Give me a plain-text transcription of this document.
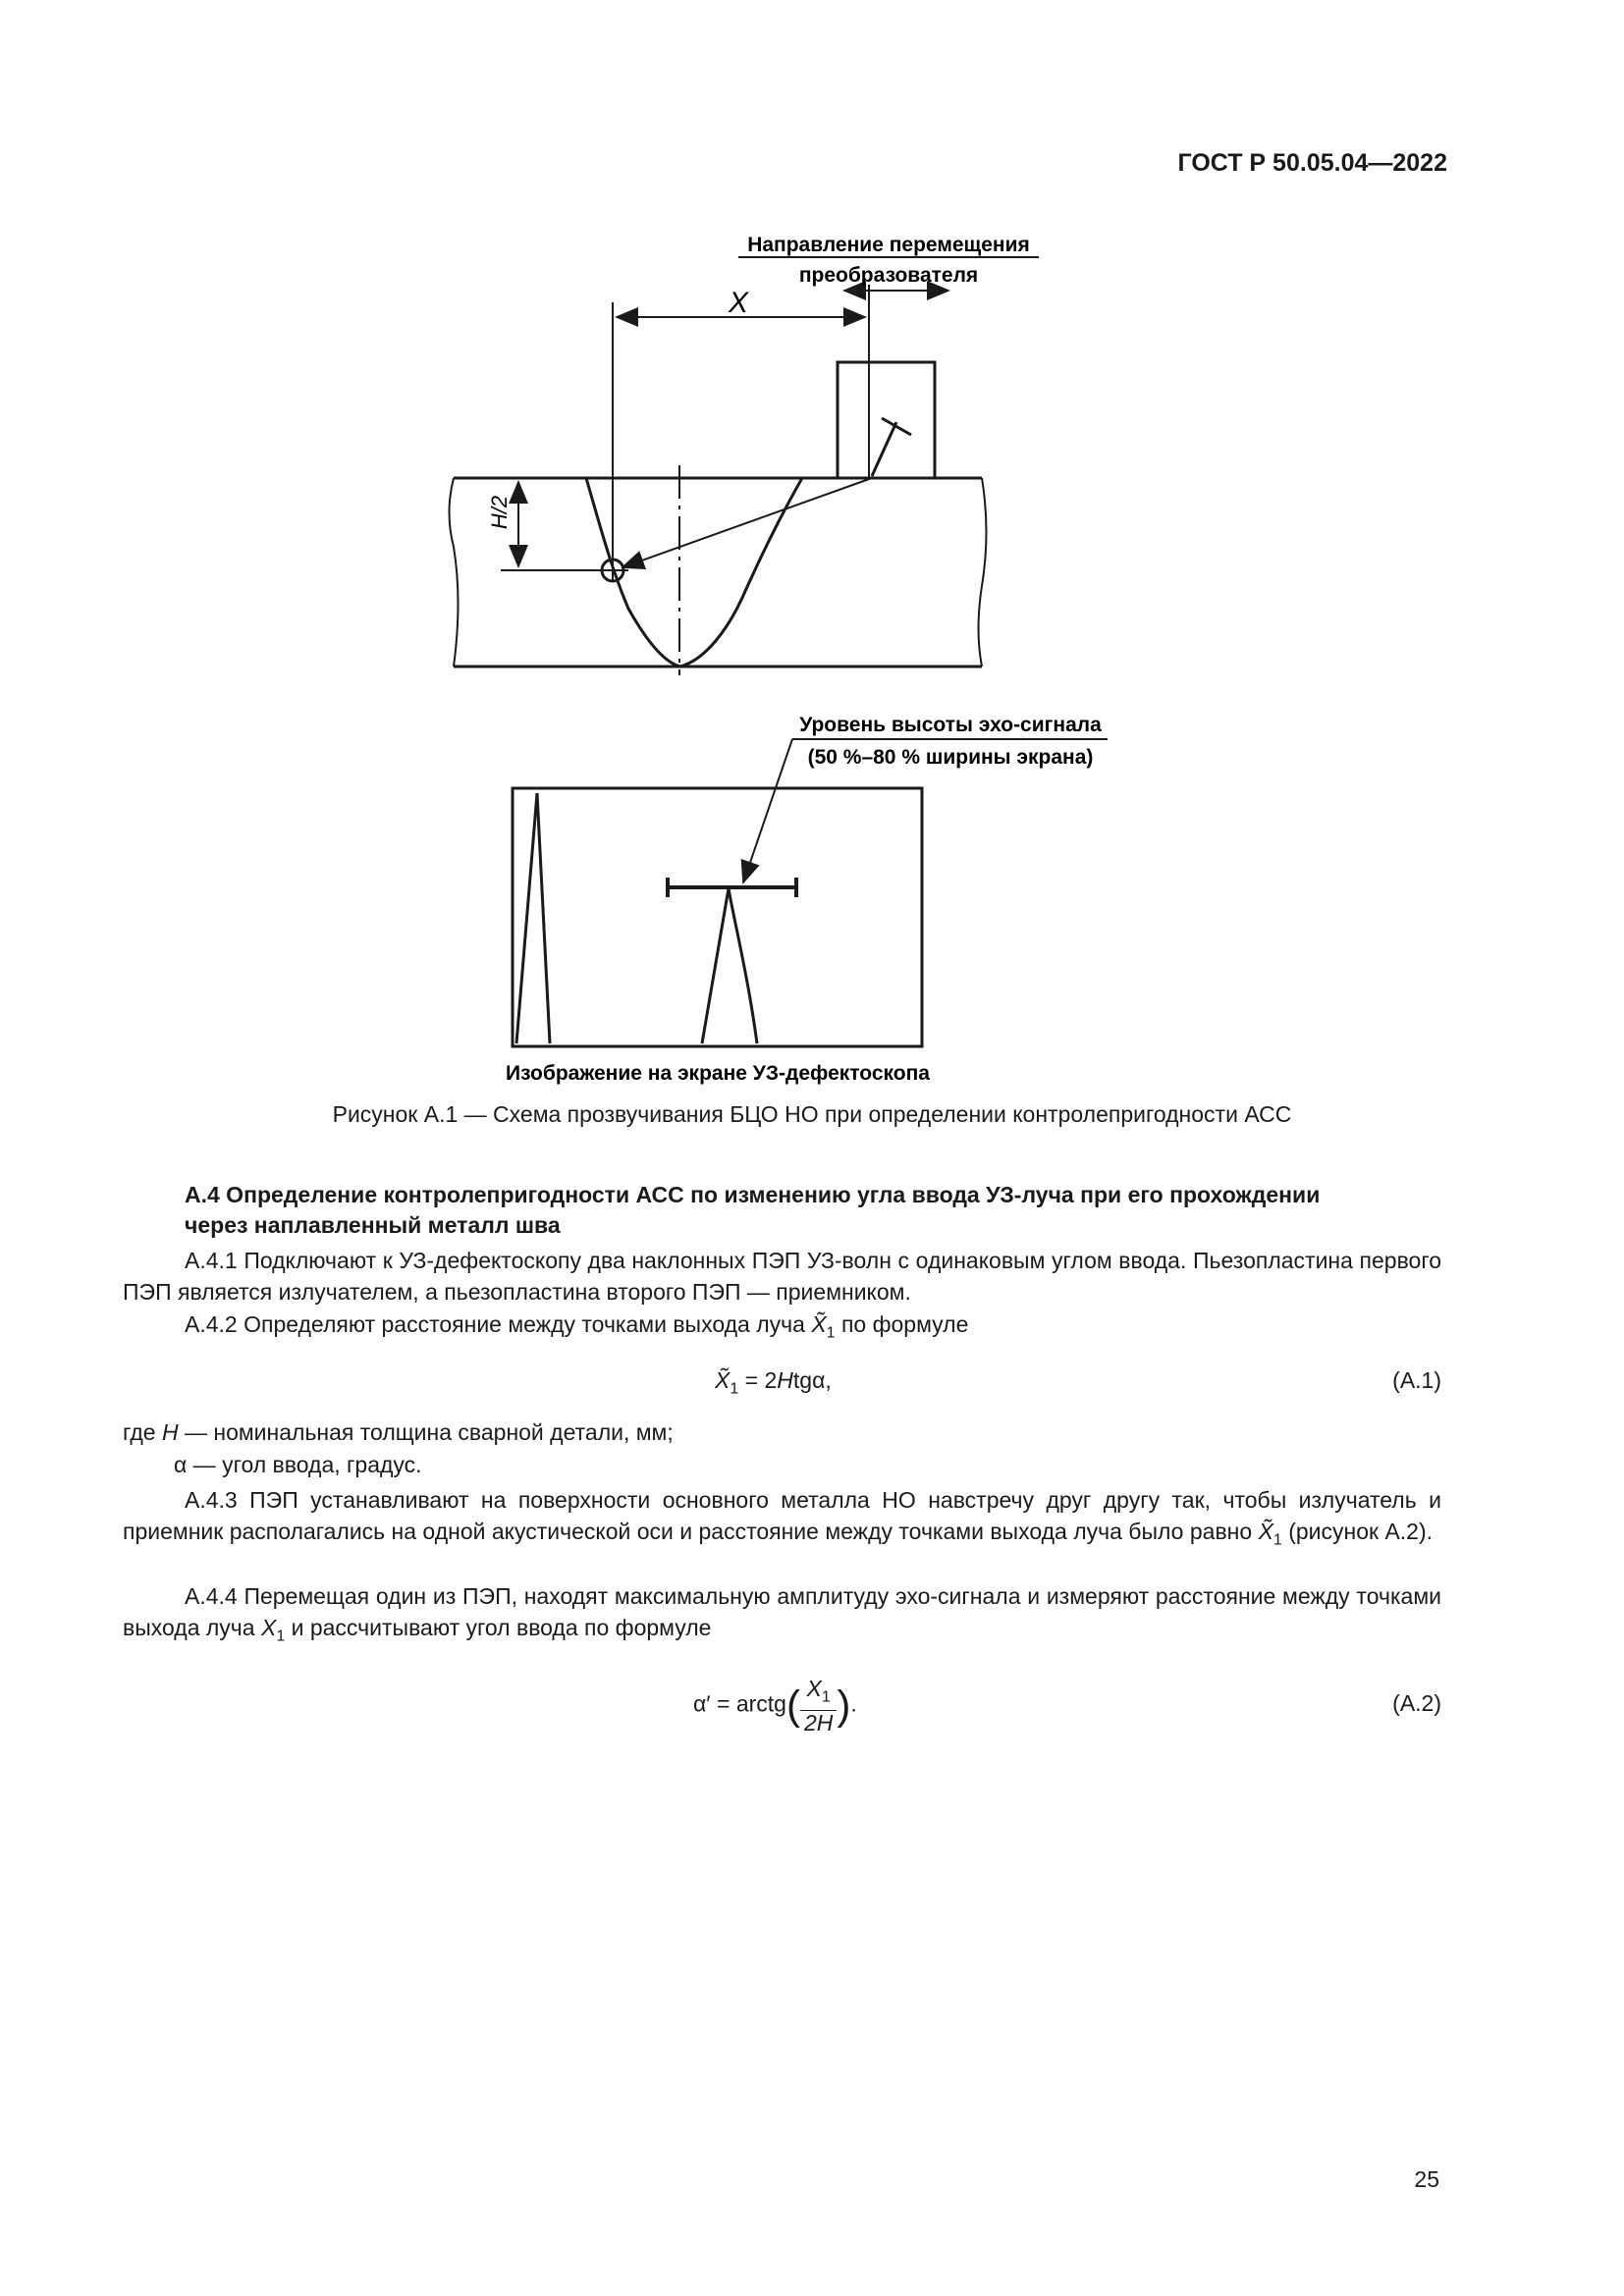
ГОСТ Р 50.05.04—2022
Направление перемещения
преобразователя
X
H/2
Уровень высоты эхо-сигнала
(50 %–80 % ширины экрана)
Изображение на экране УЗ-дефектоскопа
Рисунок А.1 — Схема прозвучивания БЦО НО при определении контролепригодности АСС
А.4 Определение контролепригодности АСС по изменению угла ввода УЗ-луча при его прохождении
через наплавленный металл шва
А.4.1 Подключают к УЗ-дефектоскопу два наклонных ПЭП УЗ-волн с одинаковым углом ввода. Пьезопластина первого ПЭП является излучателем, а пьезопластина второго ПЭП — приемником.
А.4.2 Определяют расстояние между точками выхода луча $X̃_1$ по формуле
$X̃_1 = 2Htg\alpha$,	(А.1)
где H — номинальная толщина сварной детали, мм;
α — угол ввода, градус.
А.4.3 ПЭП устанавливают на поверхности основного металла НО навстречу друг другу так, чтобы излучатель и приемник располагались на одной акустической оси и расстояние между точками выхода луча было равно $X̃_1$ (рисунок А.2).
А.4.4 Перемещая один из ПЭП, находят максимальную амплитуду эхо-сигнала и измеряют расстояние между точками выхода луча $X_1$ и рассчитывают угол ввода по формуле
α′ = arctg( $\frac{X_1}{2H}$ ).	(А.2)
25
